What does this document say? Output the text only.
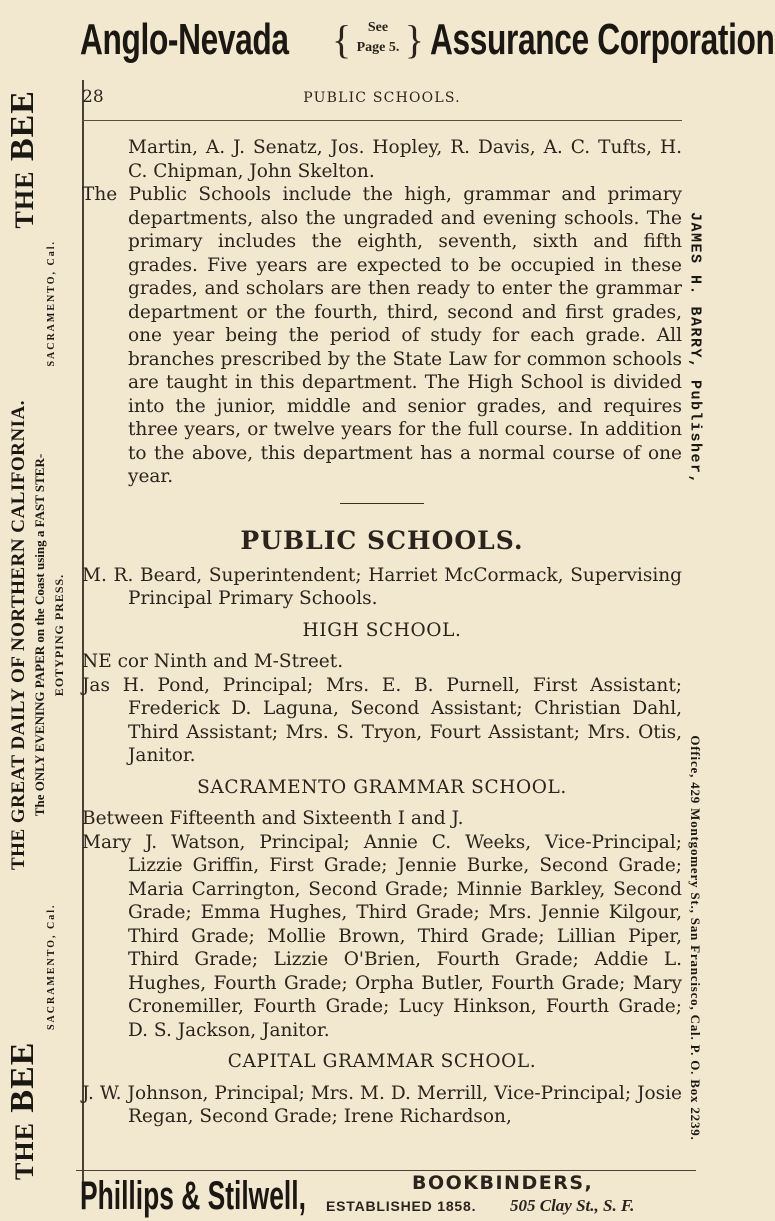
Anglo-Nevada {	See
Page 5. } Assurance Corporation
THE BEE
SACRAMENTO, Cal.
THE GREAT DAILY OF NORTHERN CALIFORNIA. The ONLY EVENING PAPER on the Coast using a FAST STER- EOTYPING PRESS.
SACRAMENTO, Cal.
THE BEE
JAMES H. BARRY, Publisher,
Office, 429 Montgomery St., San Francisco, Cal. P. O. Box 2239.
28	PUBLIC SCHOOLS.

Martin, A. J. Senatz, Jos. Hopley, R. Davis, A. C. Tufts, H. C. Chipman, John Skelton.

The Public Schools include the high, grammar and primary departments, also the ungraded and evening schools. The primary includes the eighth, seventh, sixth and fifth grades. Five years are expected to be occupied in these grades, and scholars are then ready to enter the grammar department or the fourth, third, second and first grades, one year being the period of study for each grade. All branches prescribed by the State Law for common schools are taught in this department. The High School is divided into the junior, middle and senior grades, and requires three years, or twelve years for the full course. In addition to the above, this department has a normal course of one year.

PUBLIC SCHOOLS.

M. R. Beard, Superintendent; Harriet McCormack, Supervising Principal Primary Schools.

HIGH SCHOOL.

NE cor Ninth and M-Street.

Jas H. Pond, Principal; Mrs. E. B. Purnell, First Assistant; Frederick D. Laguna, Second Assistant; Christian Dahl, Third Assistant; Mrs. S. Tryon, Fourt Assistant; Mrs. Otis, Janitor.

SACRAMENTO GRAMMAR SCHOOL.

Between Fifteenth and Sixteenth I and J.

Mary J. Watson, Principal; Annie C. Weeks, Vice-Principal; Lizzie Griffin, First Grade; Jennie Burke, Second Grade; Maria Carrington, Second Grade; Minnie Barkley, Second Grade; Emma Hughes, Third Grade; Mrs. Jennie Kilgour, Third Grade; Mollie Brown, Third Grade; Lillian Piper, Third Grade; Lizzie O'Brien, Fourth Grade; Addie L. Hughes, Fourth Grade; Orpha Butler, Fourth Grade; Mary Cronemiller, Fourth Grade; Lucy Hinkson, Fourth Grade; D. S. Jackson, Janitor.

CAPITAL GRAMMAR SCHOOL.

J. W. Johnson, Principal; Mrs. M. D. Merrill, Vice-Principal; Josie Regan, Second Grade; Irene Richardson,

Phillips & Stilwell,	BOOKBINDERS,
ESTABLISHED 1858. 505 Clay St., S. F.
